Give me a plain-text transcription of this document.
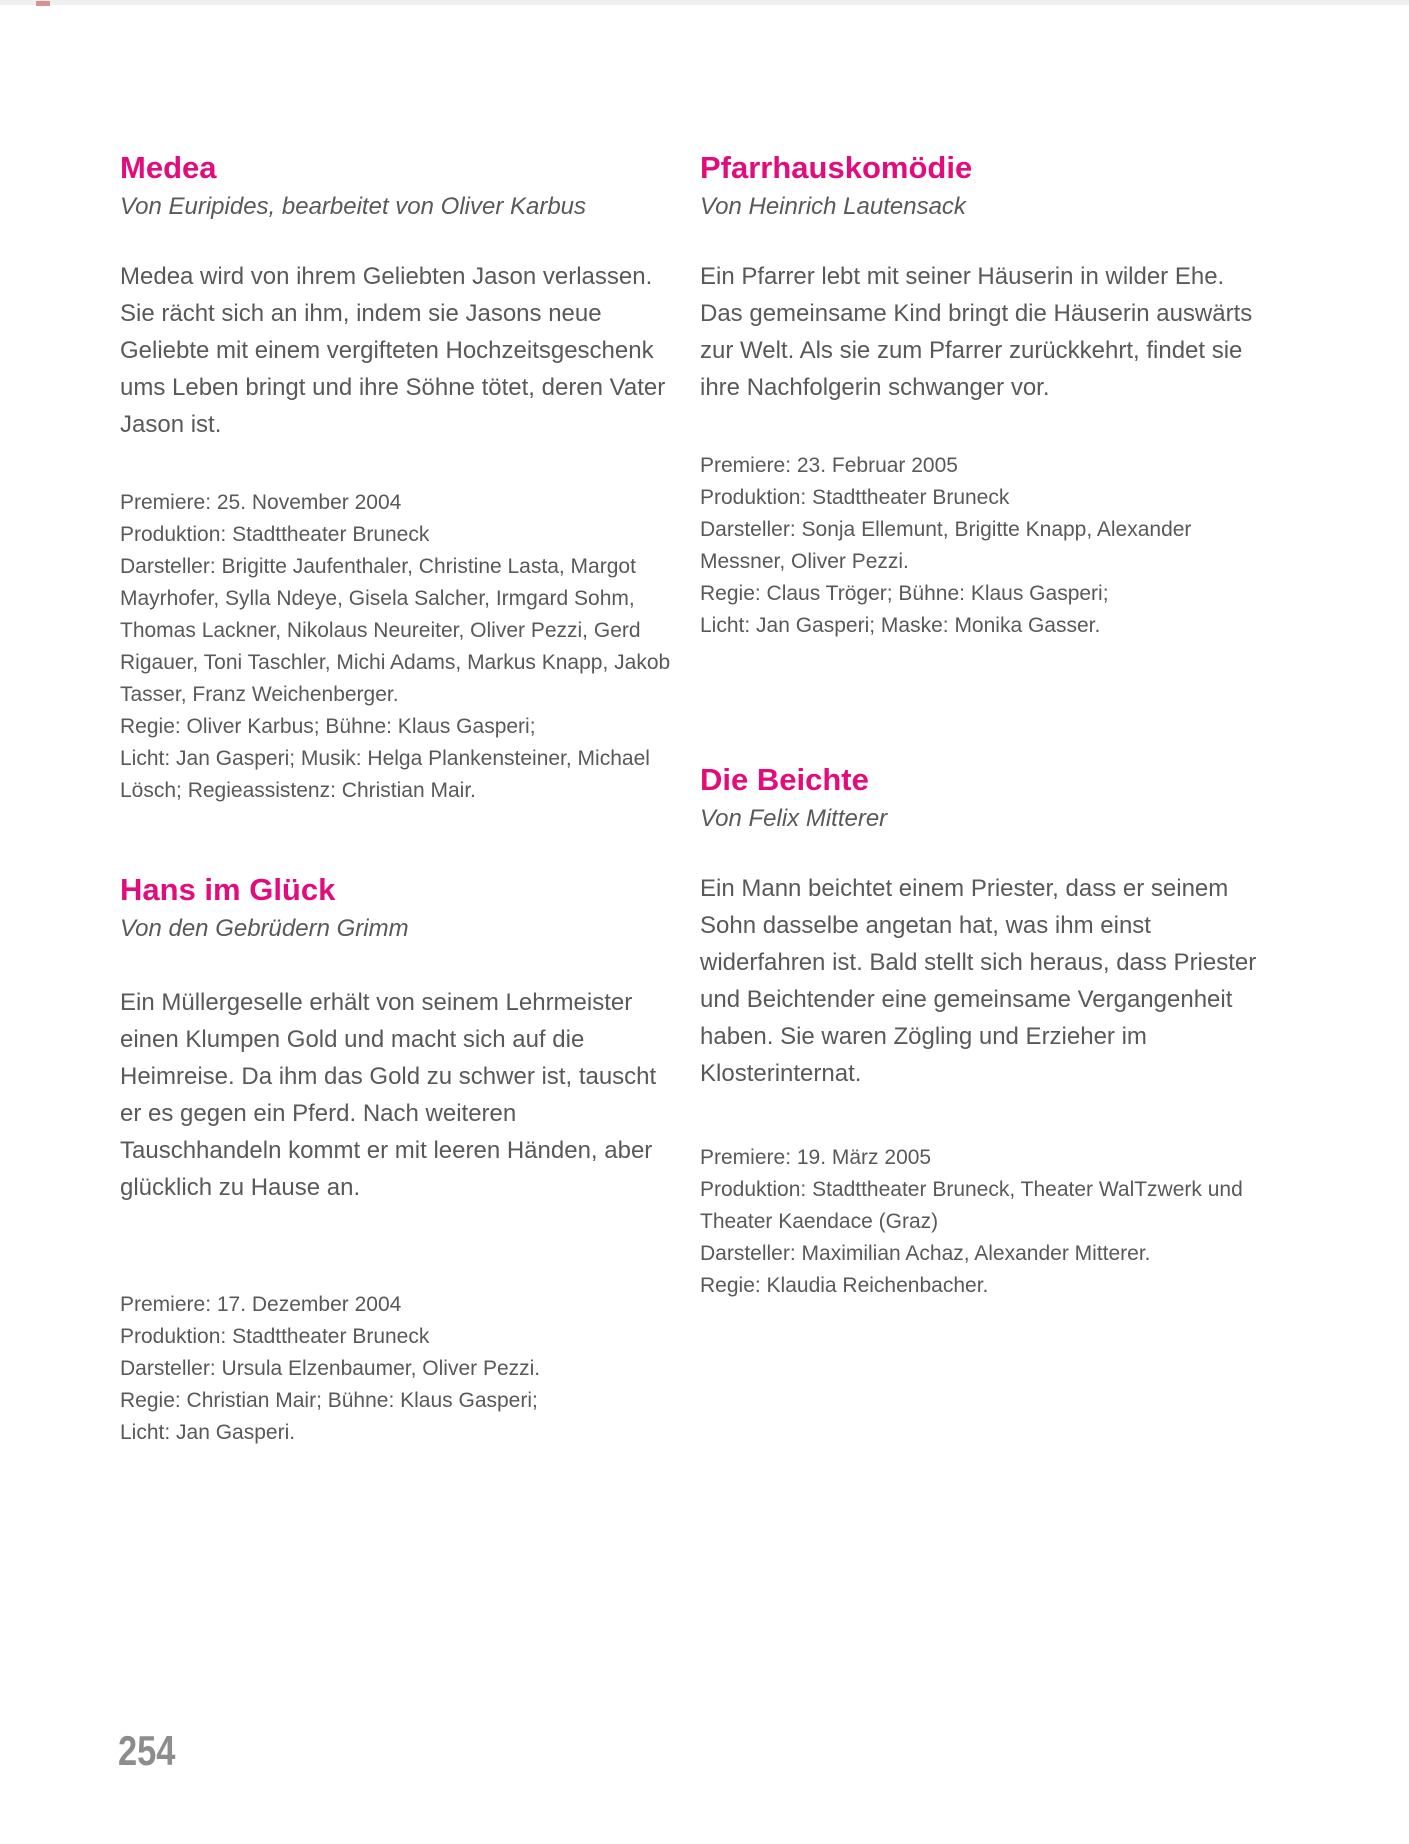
Medea
Von Euripides, bearbeitet von Oliver Karbus
Medea wird von ihrem Geliebten Jason verlassen. Sie rächt sich an ihm, indem sie Jasons neue Geliebte mit einem vergifteten Hochzeitsgeschenk ums Leben bringt und ihre Söhne tötet, deren Vater Jason ist.
Premiere: 25. November 2004
Produktion: Stadttheater Bruneck
Darsteller: Brigitte Jaufenthaler, Christine Lasta, Margot Mayrhofer, Sylla Ndeye, Gisela Salcher, Irmgard Sohm, Thomas Lackner, Nikolaus Neureiter, Oliver Pezzi, Gerd Rigauer, Toni Taschler, Michi Adams, Markus Knapp, Jakob Tasser, Franz Weichenberger.
Regie: Oliver Karbus; Bühne: Klaus Gasperi;
Licht: Jan Gasperi; Musik: Helga Plankensteiner, Michael Lösch; Regieassistenz: Christian Mair.
Hans im Glück
Von den Gebrüdern Grimm
Ein Müllergeselle erhält von seinem Lehrmeister einen Klumpen Gold und macht sich auf die Heimreise. Da ihm das Gold zu schwer ist, tauscht er es gegen ein Pferd. Nach weiteren Tauschhandeln kommt er mit leeren Händen, aber glücklich zu Hause an.
Premiere: 17. Dezember 2004
Produktion: Stadttheater Bruneck
Darsteller: Ursula Elzenbaumer, Oliver Pezzi.
Regie: Christian Mair; Bühne: Klaus Gasperi;
Licht: Jan Gasperi.
Pfarrhauskomödie
Von Heinrich Lautensack
Ein Pfarrer lebt mit seiner Häuserin in wilder Ehe. Das gemeinsame Kind bringt die Häuserin auswärts zur Welt. Als sie zum Pfarrer zurückkehrt, findet sie ihre Nachfolgerin schwanger vor.
Premiere: 23. Februar 2005
Produktion: Stadttheater Bruneck
Darsteller: Sonja Ellemunt, Brigitte Knapp, Alexander Messner, Oliver Pezzi.
Regie: Claus Tröger; Bühne: Klaus Gasperi;
Licht: Jan Gasperi; Maske: Monika Gasser.
Die Beichte
Von Felix Mitterer
Ein Mann beichtet einem Priester, dass er seinem Sohn dasselbe angetan hat, was ihm einst widerfahren ist. Bald stellt sich heraus, dass Priester und Beichtender eine gemeinsame Vergangenheit haben. Sie waren Zögling und Erzieher im Klosterinternat.
Premiere: 19. März 2005
Produktion: Stadttheater Bruneck, Theater WalTzwerk und Theater Kaendace (Graz)
Darsteller: Maximilian Achaz, Alexander Mitterer.
Regie: Klaudia Reichenbacher.
254
